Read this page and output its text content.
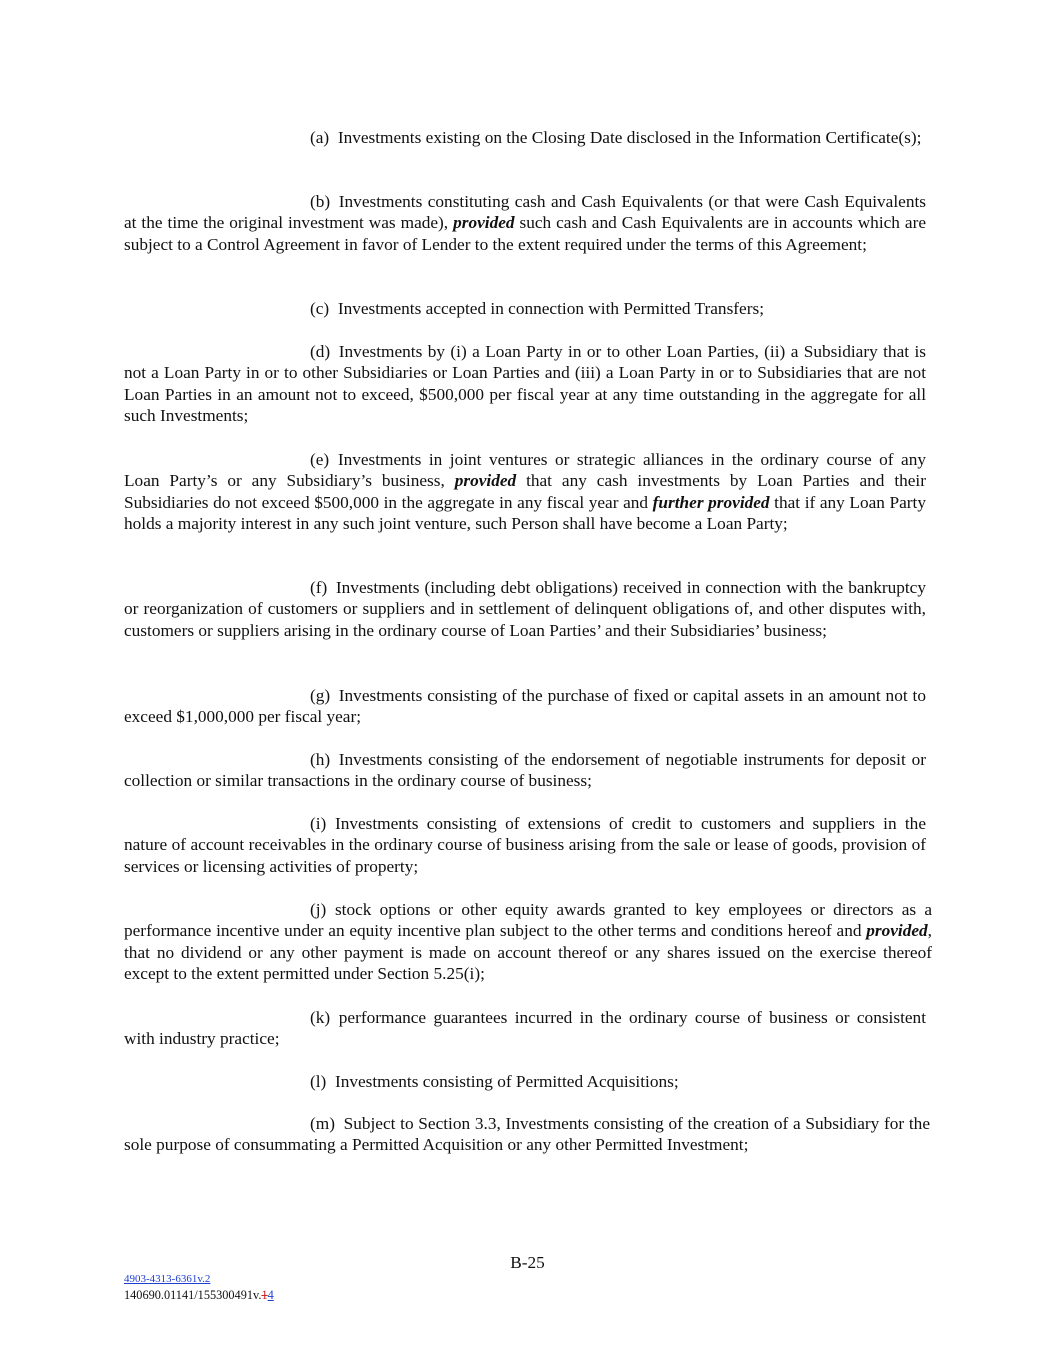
(a) Investments existing on the Closing Date disclosed in the Information Certificate(s);

(b) Investments constituting cash and Cash Equivalents (or that were Cash Equivalents at the time the original investment was made), provided such cash and Cash Equivalents are in accounts which are subject to a Control Agreement in favor of Lender to the extent required under the terms of this Agreement;

(c) Investments accepted in connection with Permitted Transfers;

(d) Investments by (i) a Loan Party in or to other Loan Parties, (ii) a Subsidiary that is not a Loan Party in or to other Subsidiaries or Loan Parties and (iii) a Loan Party in or to Subsidiaries that are not Loan Parties in an amount not to exceed, $500,000 per fiscal year at any time outstanding in the aggregate for all such Investments;

(e) Investments in joint ventures or strategic alliances in the ordinary course of any Loan Party’s or any Subsidiary’s business, provided that any cash investments by Loan Parties and their Subsidiaries do not exceed $500,000 in the aggregate in any fiscal year and further provided that if any Loan Party holds a majority interest in any such joint venture, such Person shall have become a Loan Party;

(f) Investments (including debt obligations) received in connection with the bankruptcy or reorganization of customers or suppliers and in settlement of delinquent obligations of, and other disputes with, customers or suppliers arising in the ordinary course of Loan Parties’ and their Subsidiaries’ business;

(g) Investments consisting of the purchase of fixed or capital assets in an amount not to exceed $1,000,000 per fiscal year;

(h) Investments consisting of the endorsement of negotiable instruments for deposit or collection or similar transactions in the ordinary course of business;

(i) Investments consisting of extensions of credit to customers and suppliers in the nature of account receivables in the ordinary course of business arising from the sale or lease of goods, provision of services or licensing activities of property;

(j) stock options or other equity awards granted to key employees or directors as a performance incentive under an equity incentive plan subject to the other terms and conditions hereof and provided, that no dividend or any other payment is made on account thereof or any shares issued on the exercise thereof except to the extent permitted under Section 5.25(i);

(k) performance guarantees incurred in the ordinary course of business or consistent with industry practice;

(l) Investments consisting of Permitted Acquisitions;

(m) Subject to Section 3.3, Investments consisting of the creation of a Subsidiary for the sole purpose of consummating a Permitted Acquisition or any other Permitted Investment;

B-25
4903-4313-6361v.2
140690.01141/155300491v.14
